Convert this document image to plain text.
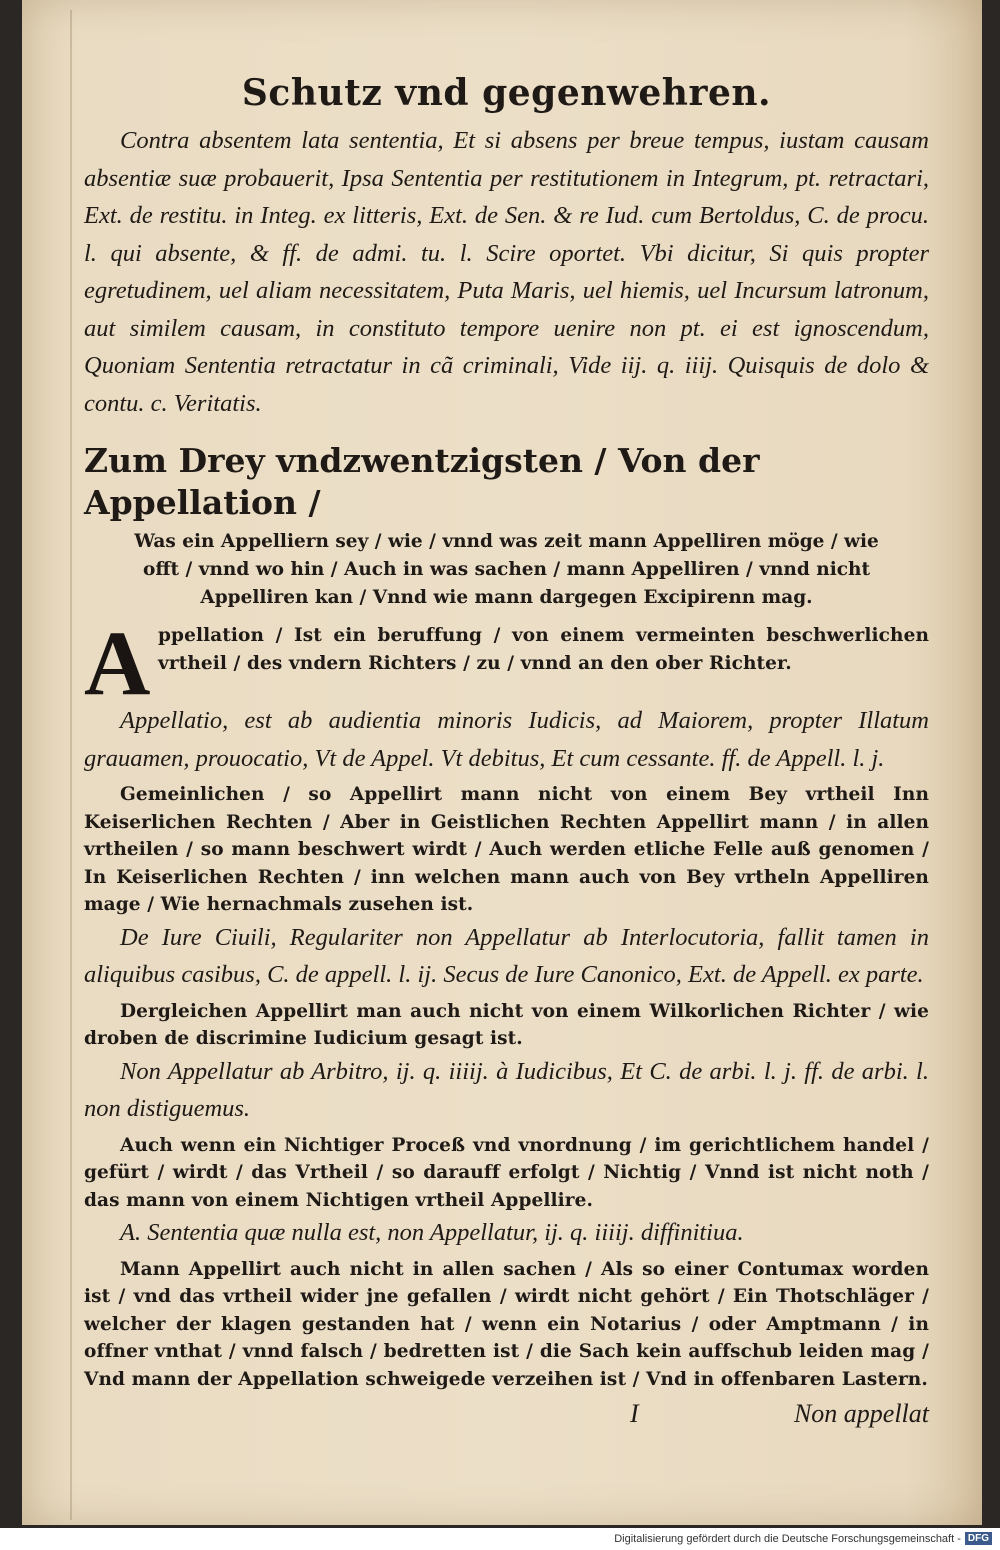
Schutz vnd gegenwehren.

Contra absentem lata sententia, Et si absens per breue tempus, iustam causam absentiæ suæ probauerit, Ipsa Sententia per restitutionem in Integrum, pt. retractari, Ext. de restitu. in Integ. ex litteris, Ext. de Sen. & re Iud. cum Bertoldus, C. de procu. l. qui absente, & ff. de admi. tu. l. Scire oportet. Vbi dicitur, Si quis propter egretudinem, uel aliam necessitatem, Puta Maris, uel hiemis, uel Incursum latronum, aut similem causam, in constituto tempore uenire non pt. ei est ignoscendum, Quoniam Sententia retractatur in cã criminali, Vide iij. q. iiij. Quisquis de dolo & contu. c. Veritatis.

Zum Drey vndzwentzigsten / Von der Appellation /
Was ein Appelliern sey / wie / vnnd was zeit mann Appelliren möge / wie offt / vnnd wo hin / Auch in was sachen / mann Appelliren / vnnd nicht Appelliren kan / Vnnd wie mann dargegen Excipirenn mag.
A ppellation / Ist ein beruffung / von einem vermeinten beschwerlichen vrtheil / des vndern Richters / zu / vnnd an den ober Richter.

Appellatio, est ab audientia minoris Iudicis, ad Maiorem, propter Illatum grauamen, prouocatio, Vt de Appel. Vt debitus, Et cum cessante. ff. de Appell. l. j.

Gemeinlichen / so Appellirt mann nicht von einem Bey vrtheil Inn Keiserlichen Rechten / Aber in Geistlichen Rechten Appellirt mann / in allen vrtheilen / so mann beschwert wirdt / Auch werden etliche Felle auß genomen / In Keiserlichen Rechten / inn welchen mann auch von Bey vrtheln Appelliren mage / Wie hernachmals zusehen ist.

De Iure Ciuili, Regulariter non Appellatur ab Interlocutoria, fallit tamen in aliquibus casibus, C. de appell. l. ij. Secus de Iure Canonico, Ext. de Appell. ex parte.

Dergleichen Appellirt man auch nicht von einem Wilkorlichen Richter / wie droben de discrimine Iudicium gesagt ist.

Non Appellatur ab Arbitro, ij. q. iiiij. à Iudicibus, Et C. de arbi. l. j. ff. de arbi. l. non distiguemus.

Auch wenn ein Nichtiger Proceß vnd vnordnung / im gerichtlichem handel / gefürt / wirdt / das Vrtheil / so darauff erfolgt / Nichtig / Vnnd ist nicht noth / das mann von einem Nichtigen vrtheil Appellire.

A. Sententia quæ nulla est, non Appellatur, ij. q. iiiij. diffinitiua.

Mann Appellirt auch nicht in allen sachen / Als so einer Contumax worden ist / vnd das vrtheil wider jne gefallen / wirdt nicht gehört / Ein Thotschläger / welcher der klagen gestanden hat / wenn ein Notarius / oder Amptmann / in offner vnthat / vnnd falsch / bedretten ist / die Sach kein auffschub leiden mag / Vnd mann der Appellation schweigede verzeihen ist / Vnd in offenbaren Lastern.

I	Non appellat
Digitalisierung gefördert durch die Deutsche Forschungsgemeinschaft - DFG
